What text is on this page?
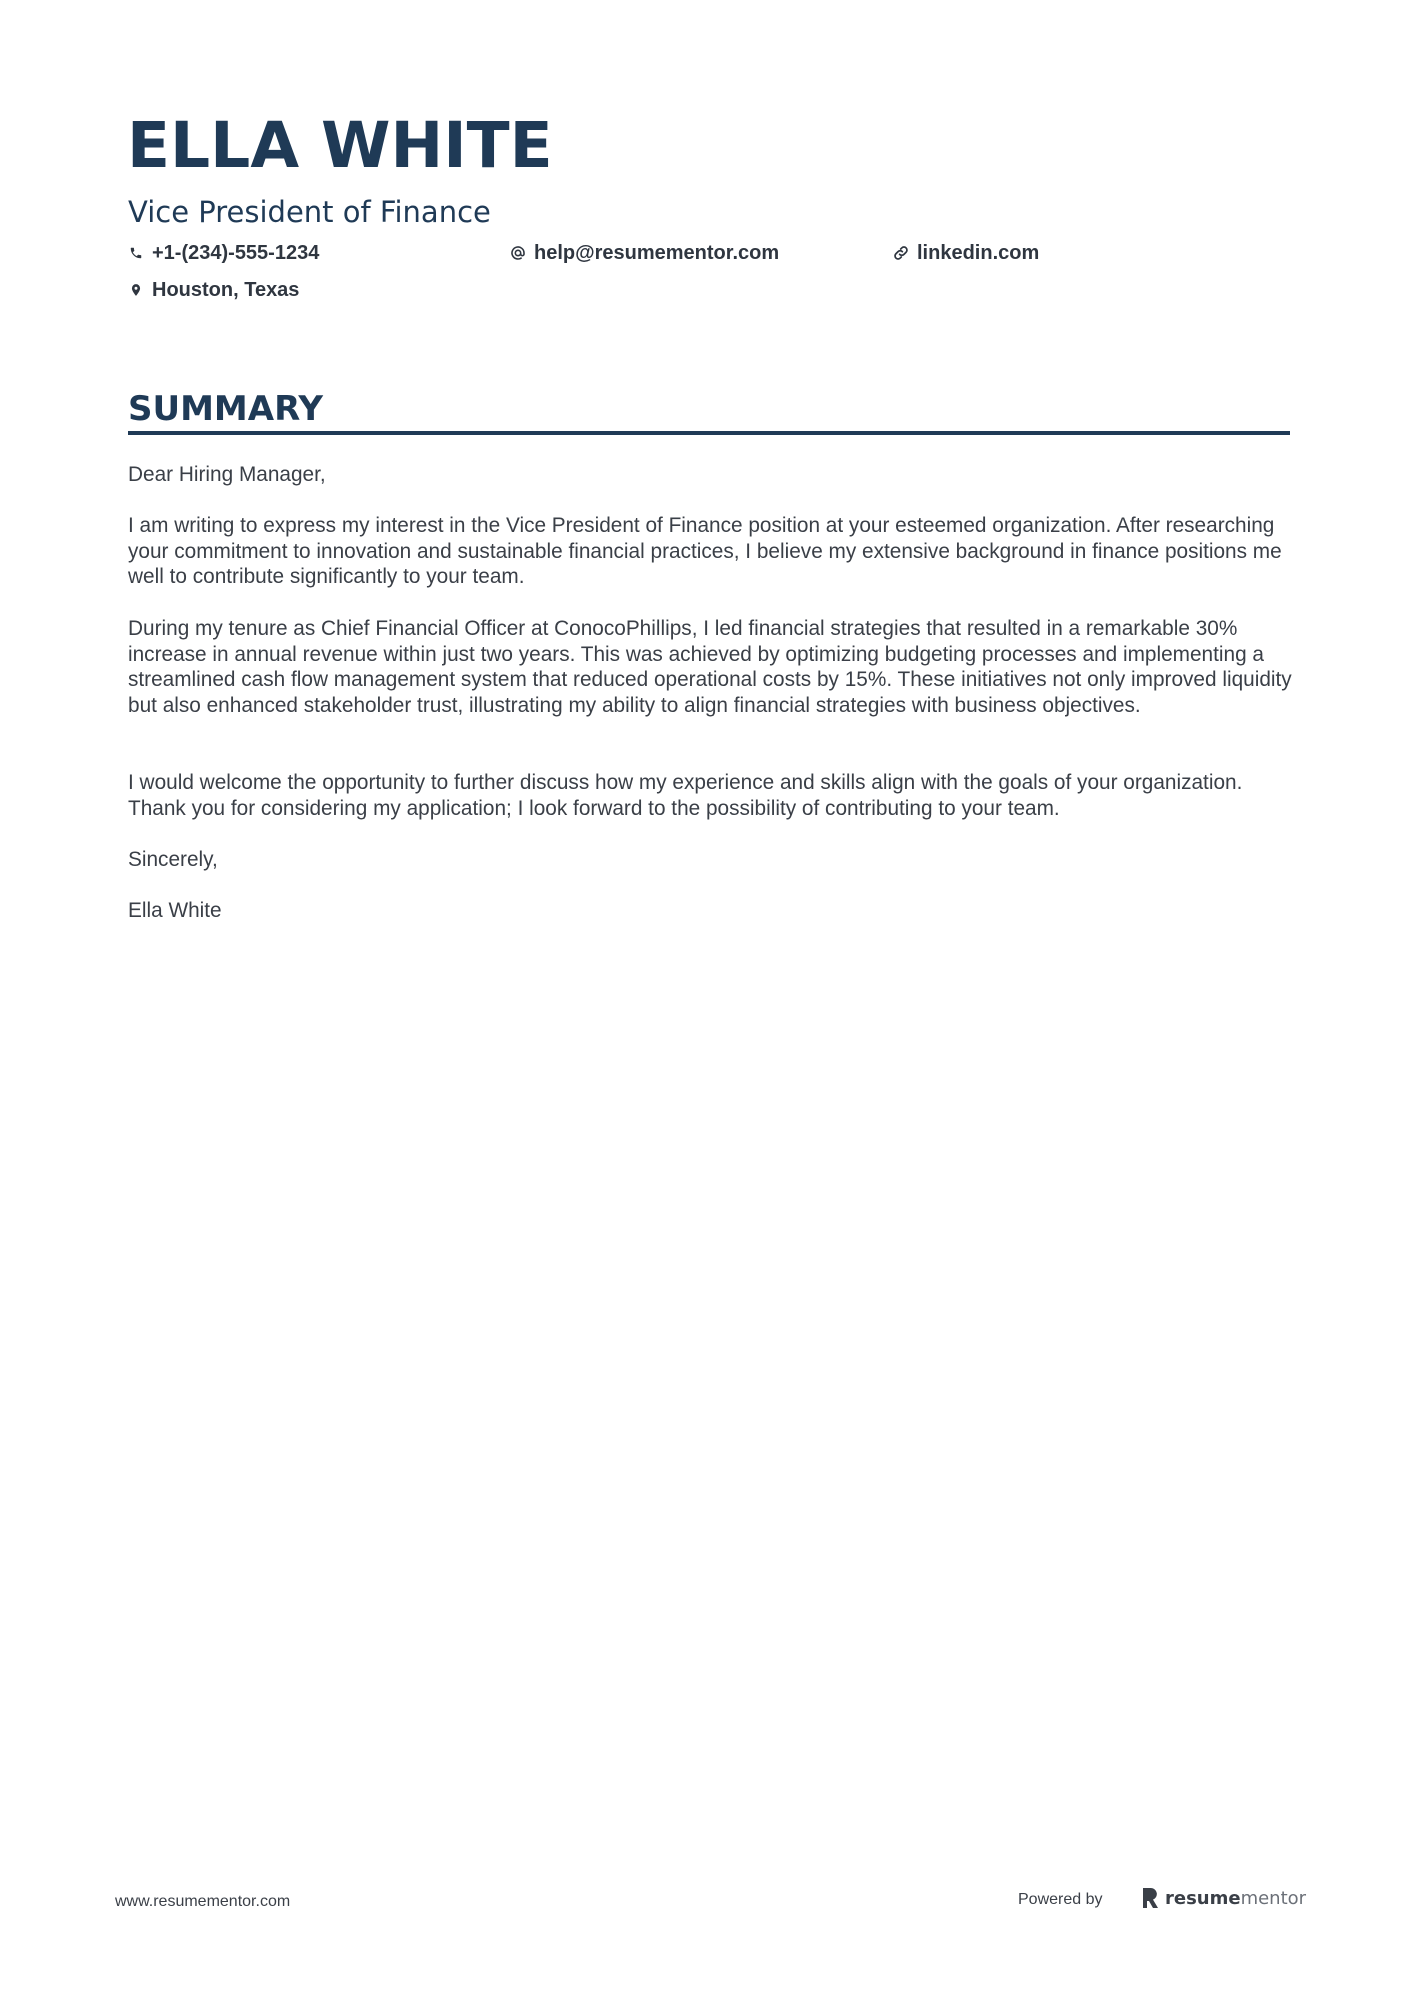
ELLA WHITE
Vice President of Finance
+1-(234)-555-1234	help@resumementor.com	linkedin.com
Houston, Texas
SUMMARY

Dear Hiring Manager,

I am writing to express my interest in the Vice President of Finance position at your esteemed organization. After researching your commitment to innovation and sustainable financial practices, I believe my extensive background in finance positions me well to contribute significantly to your team.

During my tenure as Chief Financial Officer at ConocoPhillips, I led financial strategies that resulted in a remarkable 30% increase in annual revenue within just two years. This was achieved by optimizing budgeting processes and implementing a streamlined cash flow management system that reduced operational costs by 15%. These initiatives not only improved liquidity but also enhanced stakeholder trust, illustrating my ability to align financial strategies with business objectives.

I would welcome the opportunity to further discuss how my experience and skills align with the goals of your organization. Thank you for considering my application; I look forward to the possibility of contributing to your team.

Sincerely,

Ella White

www.resumementor.com	Powered by	resume mentor
